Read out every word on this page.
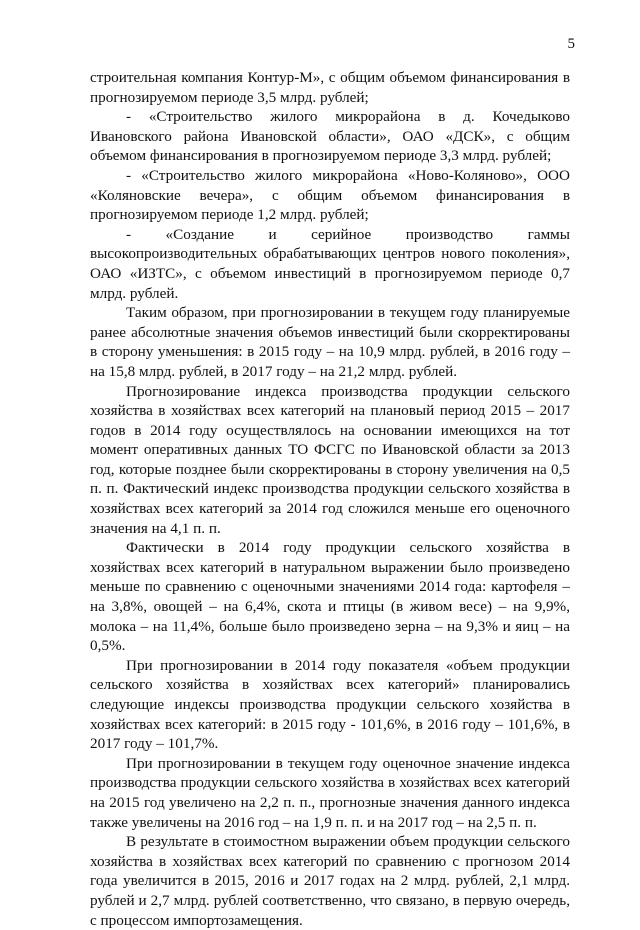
5

строительная компания Контур-М», с общим объемом финансирования в прогнозируемом периоде 3,5 млрд. рублей;

- «Строительство жилого микрорайона в д. Кочедыково Ивановского района Ивановской области», ОАО «ДСК», с общим объемом финансирования в прогнозируемом периоде 3,3 млрд. рублей;

- «Строительство жилого микрорайона «Ново-Коляново», ООО «Коляновские вечера», с общим объемом финансирования в прогнозируемом периоде 1,2 млрд. рублей;

- «Создание и серийное производство гаммы высокопроизводительных обрабатывающих центров нового поколения», ОАО «ИЗТС», с объемом инвестиций в прогнозируемом периоде 0,7 млрд. рублей.

Таким образом, при прогнозировании в текущем году планируемые ранее абсолютные значения объемов инвестиций были скорректированы в сторону уменьшения: в 2015 году – на 10,9 млрд. рублей, в 2016 году – на 15,8 млрд. рублей, в 2017 году – на 21,2 млрд. рублей.

Прогнозирование индекса производства продукции сельского хозяйства в хозяйствах всех категорий на плановый период 2015 – 2017 годов в 2014 году осуществлялось на основании имеющихся на тот момент оперативных данных ТО ФСГС по Ивановской области за 2013 год, которые позднее были скорректированы в сторону увеличения на 0,5 п. п. Фактический индекс производства продукции сельского хозяйства в хозяйствах всех категорий за 2014 год сложился меньше его оценочного значения на 4,1 п. п.

Фактически в 2014 году продукции сельского хозяйства в хозяйствах всех категорий в натуральном выражении было произведено меньше по сравнению с оценочными значениями 2014 года: картофеля – на 3,8%, овощей – на 6,4%, скота и птицы (в живом весе) – на 9,9%, молока – на 11,4%, больше было произведено зерна – на 9,3% и яиц – на 0,5%.

При прогнозировании в 2014 году показателя «объем продукции сельского хозяйства в хозяйствах всех категорий» планировались следующие индексы производства продукции сельского хозяйства в хозяйствах всех категорий: в 2015 году - 101,6%, в 2016 году – 101,6%, в 2017 году – 101,7%.

При прогнозировании в текущем году оценочное значение индекса производства продукции сельского хозяйства в хозяйствах всех категорий на 2015 год увеличено на 2,2 п. п., прогнозные значения данного индекса также увеличены на 2016 год – на 1,9 п. п. и на 2017 год – на 2,5 п. п.

В результате в стоимостном выражении объем продукции сельского хозяйства в хозяйствах всех категорий по сравнению с прогнозом 2014 года увеличится в 2015, 2016 и 2017 годах на 2 млрд. рублей, 2,1 млрд. рублей и 2,7 млрд. рублей соответственно, что связано, в первую очередь, с процессом импортозамещения.
